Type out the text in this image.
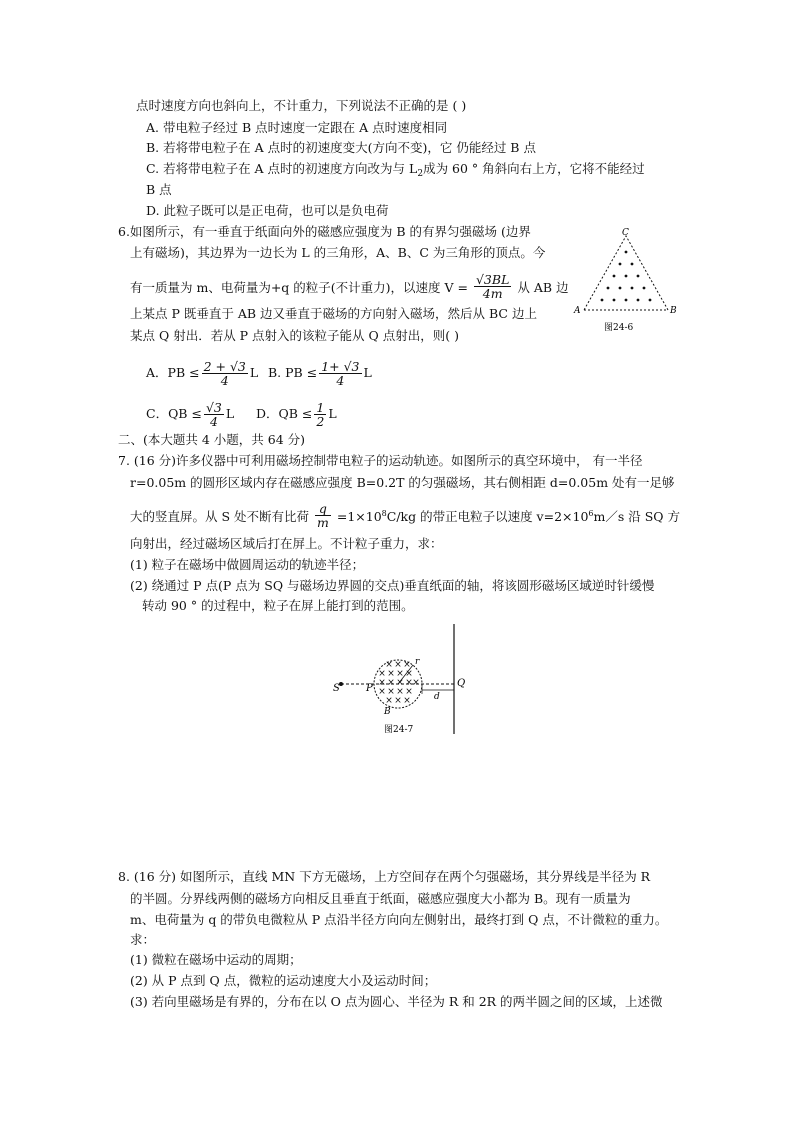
点时速度方向也斜向上，不计重力，下列说法不正确的是 ( )
A. 带电粒子经过 B 点时速度一定跟在 A 点时速度相同
B. 若将带电粒子在 A 点时的初速度变大(方向不变)，它 仍能经过 B 点
C. 若将带电粒子在 A 点时的初速度方向改为与 $L_2$成为 60 ° 角斜向右上方，它将不能经过
B 点
D. 此粒子既可以是正电荷，也可以是负电荷
6.如图所示，有一垂直于纸面向外的磁感应强度为 B 的有界匀强磁场 (边界
上有磁场)，其边界为一边长为 L 的三角形，A、B、C 为三角形的顶点。今
有一质量为 m、电荷量为+q 的粒子(不计重力)，以速度 $V = \frac{√3BL}{4m}$ 从 AB 边
上某点 P 既垂直于 AB 边又垂直于磁场的方向射入磁场，然后从 BC 边上
某点 Q 射出．若从 P 点射入的该粒子能从 Q 点射出，则( )
A．PB ≤ $\frac{2 + √3}{4}$ L B. PB ≤ $\frac{1+ √3}{4}$ L
C．QB ≤ $\frac{√3}{4}$ L D．QB ≤ $\frac{1}{2}$ L
C
A	B
图24-6
二、(本大题共 4 小题，共 64 分)
7. (16 分)许多仪器中可利用磁场控制带电粒子的运动轨迹。如图所示的真空环境中， 有一半径
r=0.05m 的圆形区域内存在磁感应强度 B=0.2T 的匀强磁场，其右侧相距 d=0.05m 处有一足够
大的竖直屏。从 S 处不断有比荷 $\frac{q}{m} =1\times 10^8C/kg$ 的带正电粒子以速度 $v=2\times 10^6m/s$ 沿 SQ 方
向射出，经过磁场区域后打在屏上。不计粒子重力，求：
(1) 粒子在磁场中做圆周运动的轨迹半径；
(2) 绕通过 P 点(P 点为 SQ 与磁场边界圆的交点)垂直纸面的轴，将该圆形磁场区域逆时针缓慢
转动 90 ° 的过程中，粒子在屏上能打到的范围。
× × ×
× × × ×
× × × × ×
× × × ×
× × ×
S	P	Q
B
r
d
图24-7
8. (16 分) 如图所示，直线 MN 下方无磁场，上方空间存在两个匀强磁场，其分界线是半径为 R
的半圆。分界线两侧的磁场方向相反且垂直于纸面，磁感应强度大小都为 B。现有一质量为
m、电荷量为 q 的带负电微粒从 P 点沿半径方向向左侧射出，最终打到 Q 点，不计微粒的重力。
求：
(1) 微粒在磁场中运动的周期；
(2) 从 P 点到 Q 点，微粒的运动速度大小及运动时间；
(3) 若向里磁场是有界的，分布在以 O 点为圆心、半径为 R 和 2R 的两半圆之间的区域，上述微
